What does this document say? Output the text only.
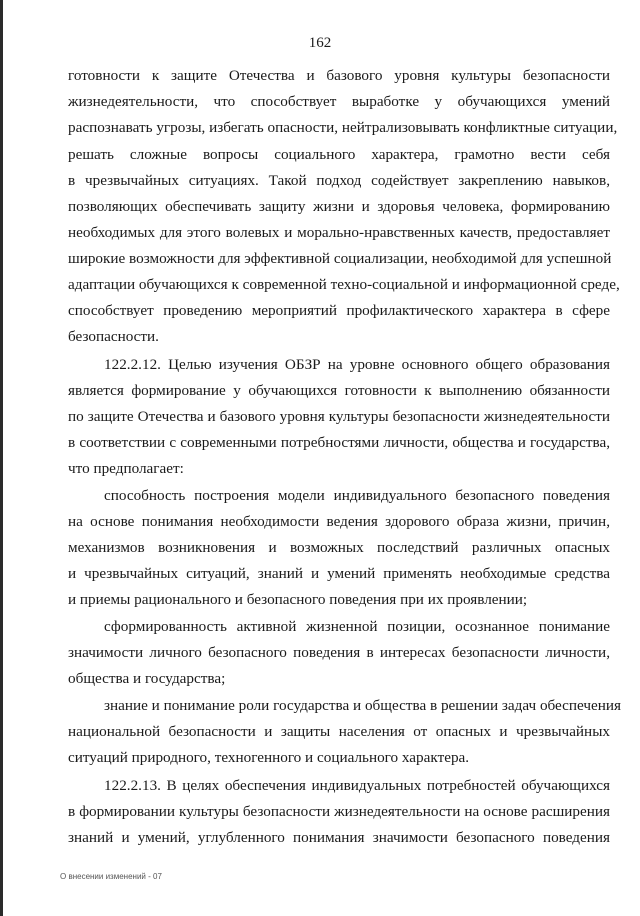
162
готовности к защите Отечества и базового уровня культуры безопасности
жизнедеятельности, что способствует выработке у обучающихся умений
распознавать угрозы, избегать опасности, нейтрализовывать конфликтные ситуации,
решать сложные вопросы социального характера, грамотно вести себя
в чрезвычайных ситуациях. Такой подход содействует закреплению навыков,
позволяющих обеспечивать защиту жизни и здоровья человека, формированию
необходимых для этого волевых и морально-нравственных качеств, предоставляет
широкие возможности для эффективной социализации, необходимой для успешной
адаптации обучающихся к современной техно-социальной и информационной среде,
способствует проведению мероприятий профилактического характера в сфере
безопасности.
122.2.12. Целью изучения ОБЗР на уровне основного общего образования
является формирование у обучающихся готовности к выполнению обязанности
по защите Отечества и базового уровня культуры безопасности жизнедеятельности
в соответствии с современными потребностями личности, общества и государства,
что предполагает:
способность построения модели индивидуального безопасного поведения
на основе понимания необходимости ведения здорового образа жизни, причин,
механизмов возникновения и возможных последствий различных опасных
и чрезвычайных ситуаций, знаний и умений применять необходимые средства
и приемы рационального и безопасного поведения при их проявлении;
сформированность активной жизненной позиции, осознанное понимание
значимости личного безопасного поведения в интересах безопасности личности,
общества и государства;
знание и понимание роли государства и общества в решении задач обеспечения
национальной безопасности и защиты населения от опасных и чрезвычайных
ситуаций природного, техногенного и социального характера.
122.2.13. В целях обеспечения индивидуальных потребностей обучающихся
в формировании культуры безопасности жизнедеятельности на основе расширения
знаний и умений, углубленного понимания значимости безопасного поведения
О внесении изменений - 07
